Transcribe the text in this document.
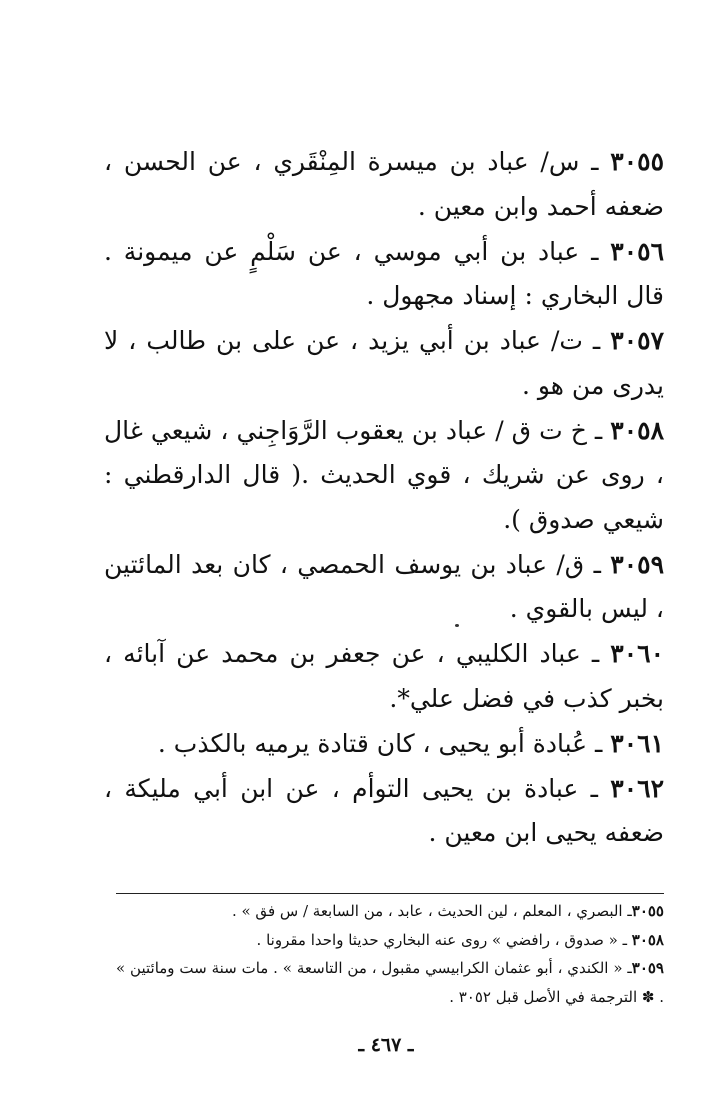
٣٠٥٥ ـ س/ عباد بن ميسرة المِنْقَري ، عن الحسن ، ضعفه أحمد وابن معين .

٣٠٥٦ ـ عباد بن أبي موسي ، عن سَلْمٍ عن ميمونة . قال البخاري : إسناد مجهول .

٣٠٥٧ ـ ت/ عباد بن أبي يزيد ، عن على بن طالب ، لا يدرى من هو .

٣٠٥٨ ـ خ ت ق / عباد بن يعقوب الرَّوَاجِني ، شيعي غال ، روى عن شريك ، قوي الحديث .( قال الدارقطني : شيعي صدوق ).

٣٠٥٩ ـ ق/ عباد بن يوسف الحمصي ، كان بعد المائتين ، ليس بالقوي .

٣٠٦٠ ـ عباد الكليبي ، عن جعفر بن محمد عن آبائه ، بخبر كذب في فضل علي*.

٣٠٦١ ـ عُبادة أبو يحيى ، كان قتادة يرميه بالكذب .

٣٠٦٢ ـ عبادة بن يحيى التوأم ، عن ابن أبي مليكة ، ضعفه يحيى ابن معين .

٣٠٥٥ـ البصري ، المعلم ، لين الحديث ، عابد ، من السابعة / س فق » .

٣٠٥٨ ـ « صدوق ، رافضي » روى عنه البخاري حديثا واحدا مقرونا .

٣٠٥٩ـ « الكندي ، أبو عثمان الكرابيسي مقبول ، من التاسعة » . مات سنة ست ومائتين » . ✽ الترجمة في الأصل قبل ٣٠٥٢ .

ـ ٤٦٧ ـ
